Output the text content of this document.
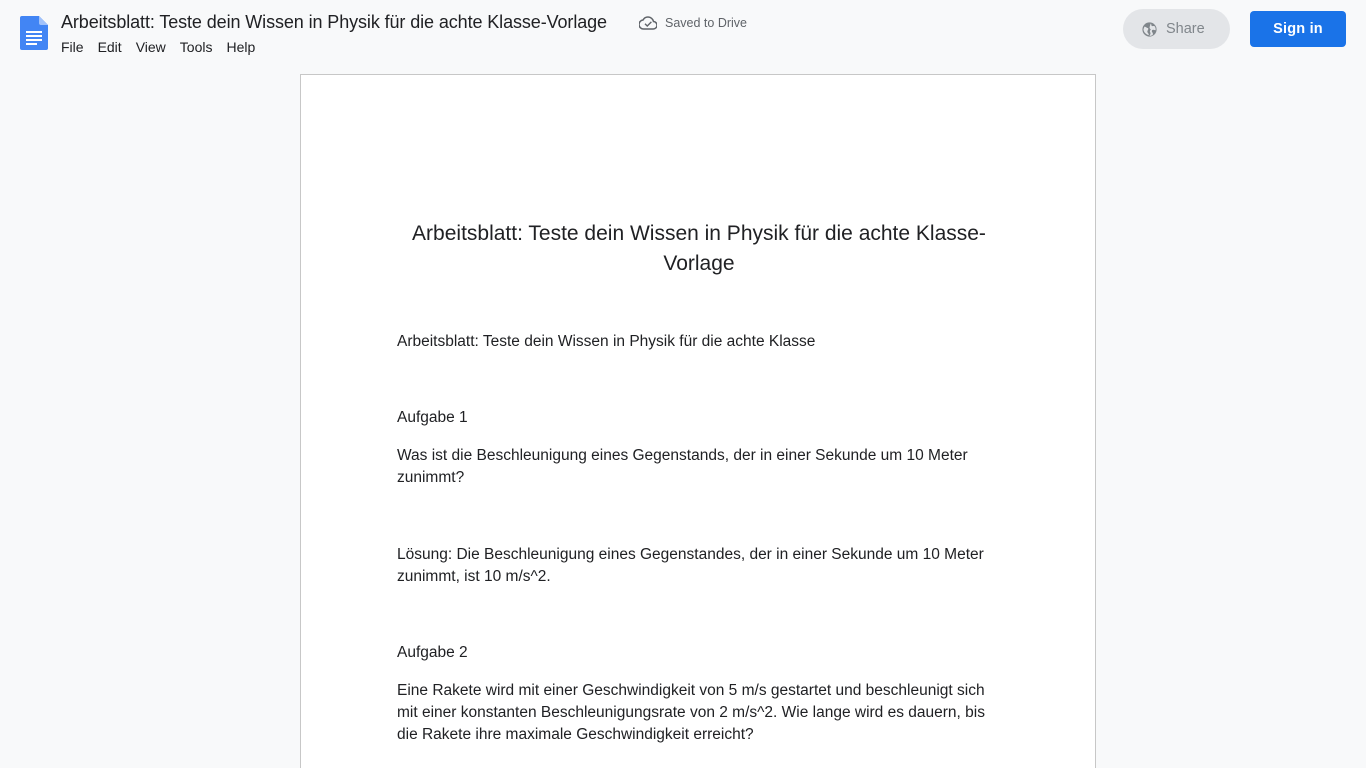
Arbeitsblatt: Teste dein Wissen in Physik für die achte Klasse-Vorlage	Saved to Drive
File	Edit	View	Tools	Help
Share	Sign in
Arbeitsblatt: Teste dein Wissen in Physik für die achte Klasse-Vorlage
Arbeitsblatt: Teste dein Wissen in Physik für die achte Klasse
Aufgabe 1
Was ist die Beschleunigung eines Gegenstands, der in einer Sekunde um 10 Meter zunimmt?
Lösung: Die Beschleunigung eines Gegenstandes, der in einer Sekunde um 10 Meter zunimmt, ist 10 m/s^2.
Aufgabe 2
Eine Rakete wird mit einer Geschwindigkeit von 5 m/s gestartet und beschleunigt sich mit einer konstanten Beschleunigungsrate von 2 m/s^2. Wie lange wird es dauern, bis die Rakete ihre maximale Geschwindigkeit erreicht?
